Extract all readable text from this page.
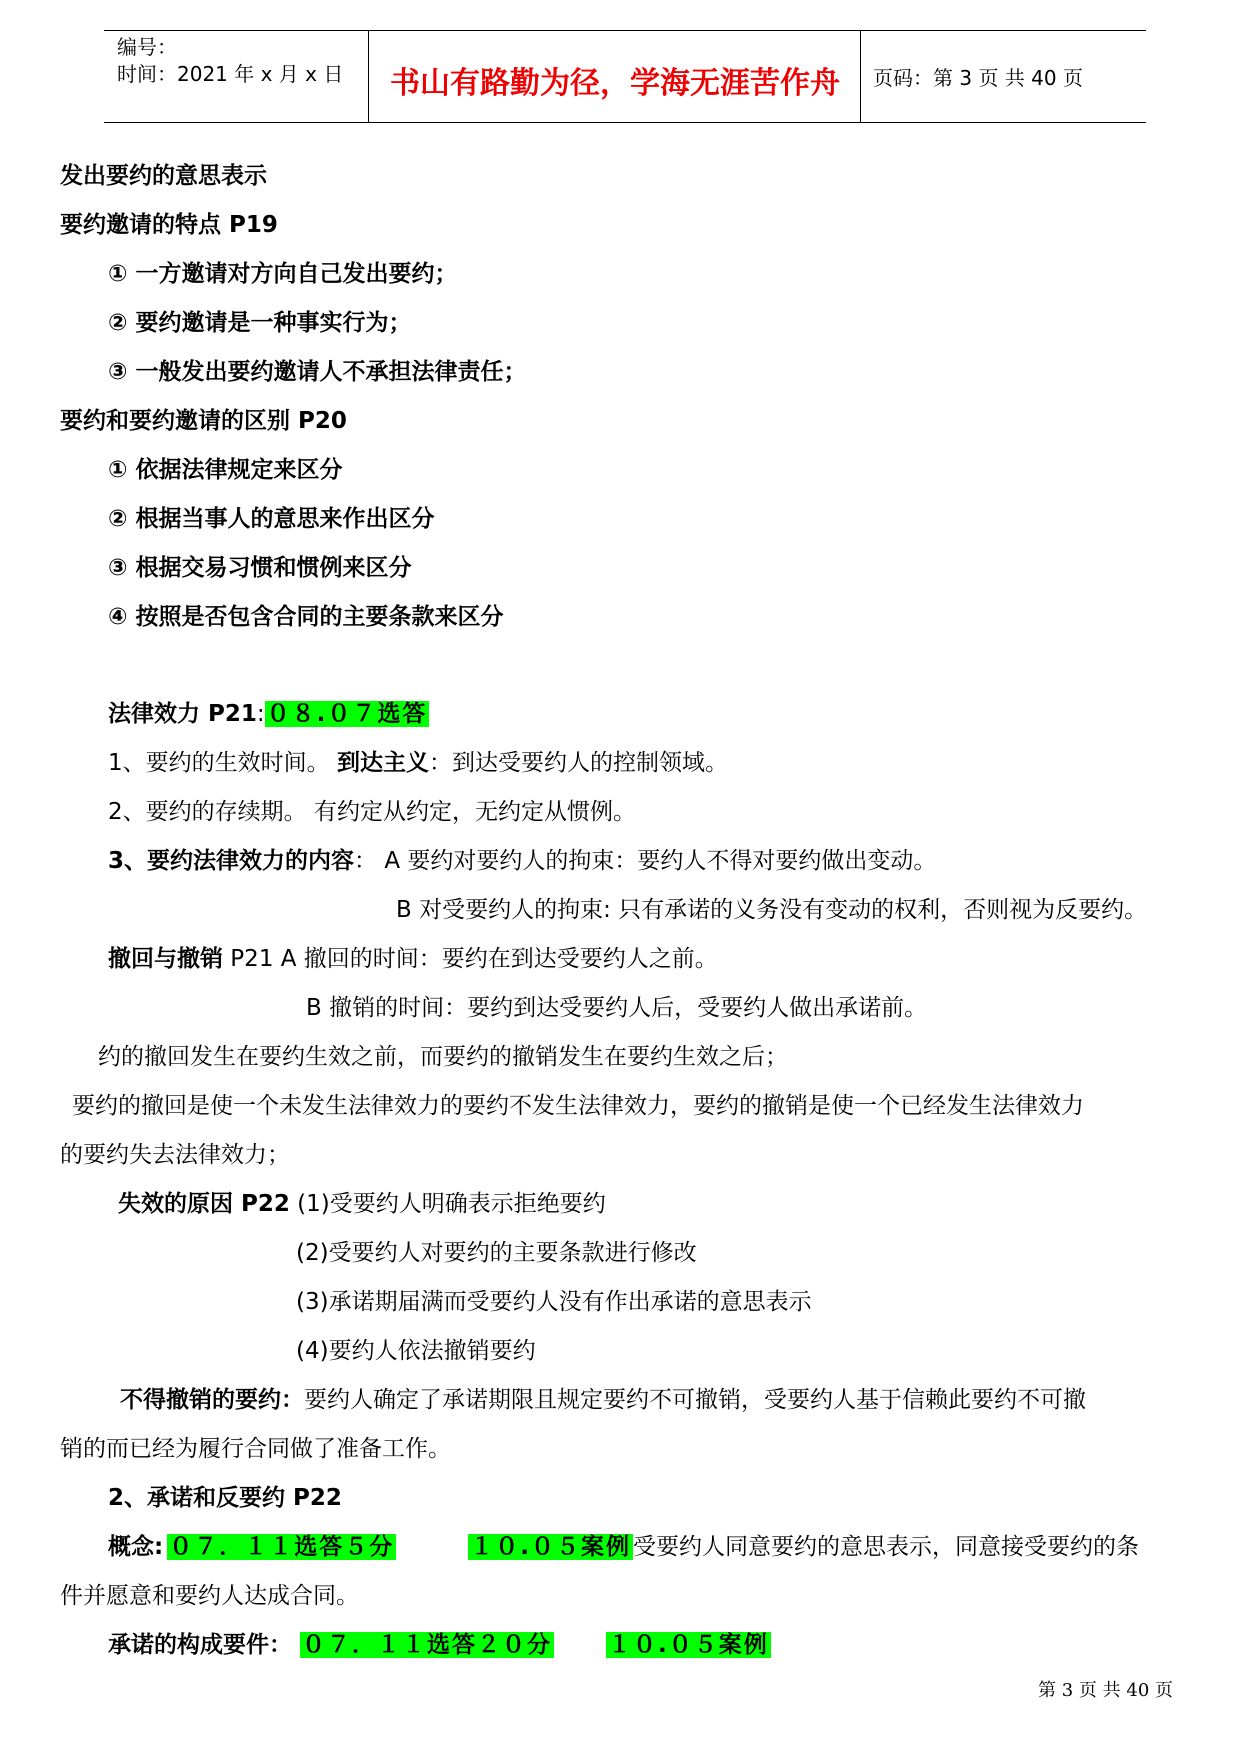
编号：
时间：2021 年 x 月 x 日 书山有路勤为径，学海无涯苦作舟 页码：第 3 页 共 40 页
发出要约的意思表示
要约邀请的特点 P19
① 一方邀请对方向自己发出要约；
② 要约邀请是一种事实行为；
③ 一般发出要约邀请人不承担法律责任；
要约和要约邀请的区别 P20
① 依据法律规定来区分
② 根据当事人的意思来作出区分
③ 根据交易习惯和惯例来区分
④ 按照是否包含合同的主要条款来区分
法律效力 P21:０８.０７选答
1、要约的生效时间。 到达主义：到达受要约人的控制领域。
2、要约的存续期。 有约定从约定，无约定从惯例。
3、要约法律效力的内容： A 要约对要约人的拘束：要约人不得对要约做出变动。
B 对受要约人的拘束: 只有承诺的义务没有变动的权利，否则视为反要约。
撤回与撤销 P21 A 撤回的时间：要约在到达受要约人之前。
B 撤销的时间：要约到达受要约人后，受要约人做出承诺前。
约的撤回发生在要约生效之前，而要约的撤销发生在要约生效之后；
要约的撤回是使一个未发生法律效力的要约不发生法律效力，要约的撤销是使一个已经发生法律效力
的要约失去法律效力；
失效的原因 P22 (1)受要约人明确表示拒绝要约
(2)受要约人对要约的主要条款进行修改
(3)承诺期届满而受要约人没有作出承诺的意思表示
(4)要约人依法撤销要约
不得撤销的要约：要约人确定了承诺期限且规定要约不可撤销，受要约人基于信赖此要约不可撤
销的而已经为履行合同做了准备工作。
2、承诺和反要约 P22
概念: ０７．１１选答５分	１０.０５案例受要约人同意要约的意思表示，同意接受要约的条
件并愿意和要约人达成合同。
承诺的构成要件： ０７．１１选答２０分 １０.０５案例
第 3 页 共 40 页
